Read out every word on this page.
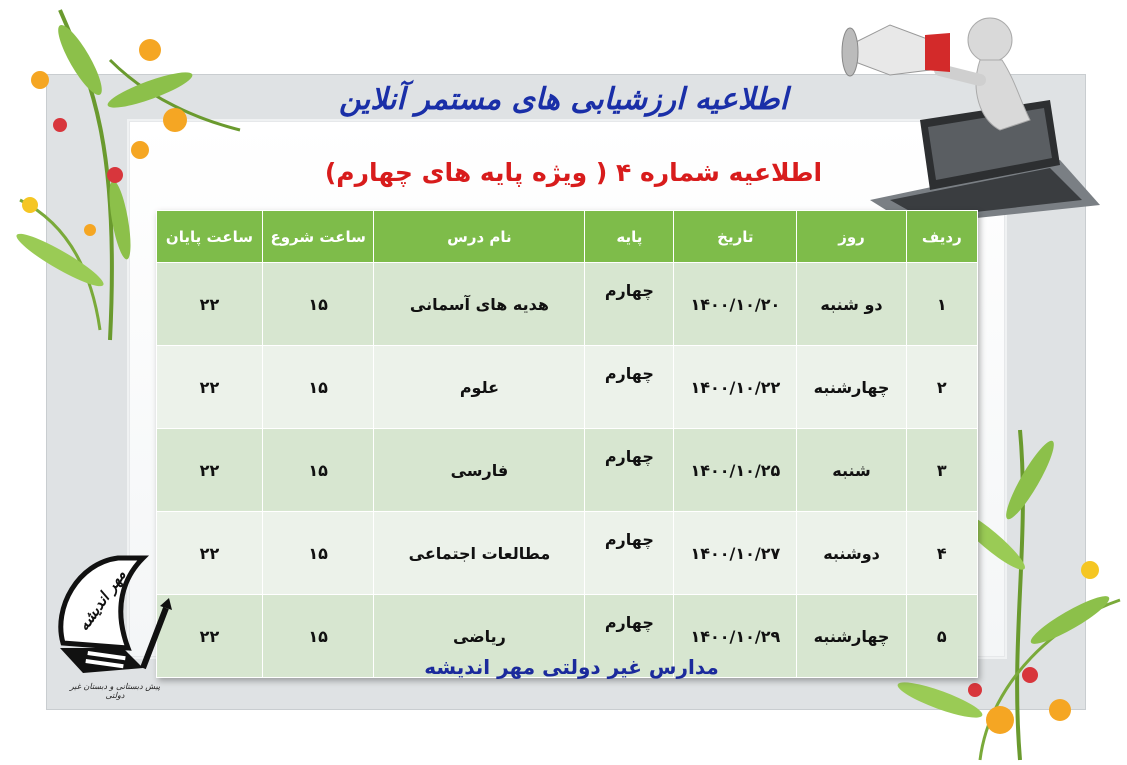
اطلاعیه ارزشیابی های مستمر آنلاین
اطلاعیه شماره ۴ ( ویژه پایه های چهارم)
ردیف	روز	تاریخ	پایه	نام درس	ساعت شروع	ساعت پایان
۱	دو شنبه	۱۴۰۰/۱۰/۲۰	چهارم	هدیه های آسمانی	۱۵	۲۲
۲	چهارشنبه	۱۴۰۰/۱۰/۲۲	چهارم	علوم	۱۵	۲۲
۳	شنبه	۱۴۰۰/۱۰/۲۵	چهارم	فارسی	۱۵	۲۲
۴	دوشنبه	۱۴۰۰/۱۰/۲۷	چهارم	مطالعات اجتماعی	۱۵	۲۲
۵	چهارشنبه	۱۴۰۰/۱۰/۲۹	چهارم	ریاضی	۱۵	۲۲
مهر اندیشه
پیش دبستانی و دبستان غیر دولتی
مدارس غیر دولتی مهر اندیشه
